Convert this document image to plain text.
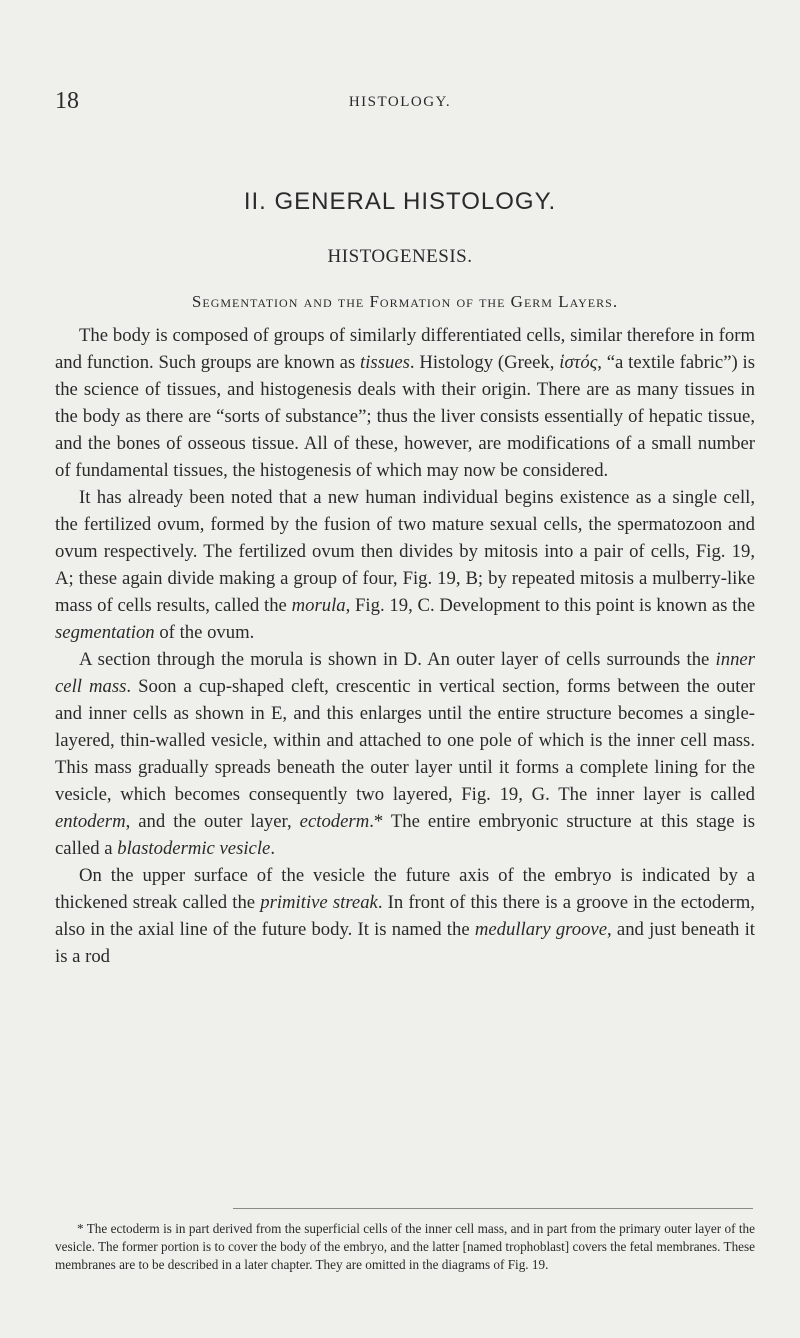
18	HISTOLOGY.
II. GENERAL HISTOLOGY.
HISTOGENESIS.
Segmentation and the Formation of the Germ Layers.

The body is composed of groups of similarly differentiated cells, similar therefore in form and function. Such groups are known as tissues. Histology (Greek, ἱστός, “a textile fabric”) is the science of tissues, and histogenesis deals with their origin. There are as many tissues in the body as there are “sorts of substance”; thus the liver consists essentially of hepatic tissue, and the bones of osseous tissue. All of these, however, are modifications of a small number of fundamental tissues, the histogenesis of which may now be considered.

It has already been noted that a new human individual begins existence as a single cell, the fertilized ovum, formed by the fusion of two mature sexual cells, the spermatozoon and ovum respectively. The fertilized ovum then divides by mitosis into a pair of cells, Fig. 19, A; these again divide making a group of four, Fig. 19, B; by repeated mitosis a mulberry-like mass of cells results, called the morula, Fig. 19, C. Development to this point is known as the segmentation of the ovum.

A section through the morula is shown in D. An outer layer of cells surrounds the inner cell mass. Soon a cup-shaped cleft, crescentic in vertical section, forms between the outer and inner cells as shown in E, and this enlarges until the entire structure becomes a single-layered, thin-walled vesicle, within and attached to one pole of which is the inner cell mass. This mass gradually spreads beneath the outer layer until it forms a complete lining for the vesicle, which becomes consequently two layered, Fig. 19, G. The inner layer is called entoderm, and the outer layer, ectoderm.* The entire embryonic structure at this stage is called a blastodermic vesicle.

On the upper surface of the vesicle the future axis of the embryo is indicated by a thickened streak called the primitive streak. In front of this there is a groove in the ectoderm, also in the axial line of the future body. It is named the medullary groove, and just beneath it is a rod

* The ectoderm is in part derived from the superficial cells of the inner cell mass, and in part from the primary outer layer of the vesicle. The former portion is to cover the body of the embryo, and the latter [named trophoblast] covers the fetal membranes. These membranes are to be described in a later chapter. They are omitted in the diagrams of Fig. 19.
